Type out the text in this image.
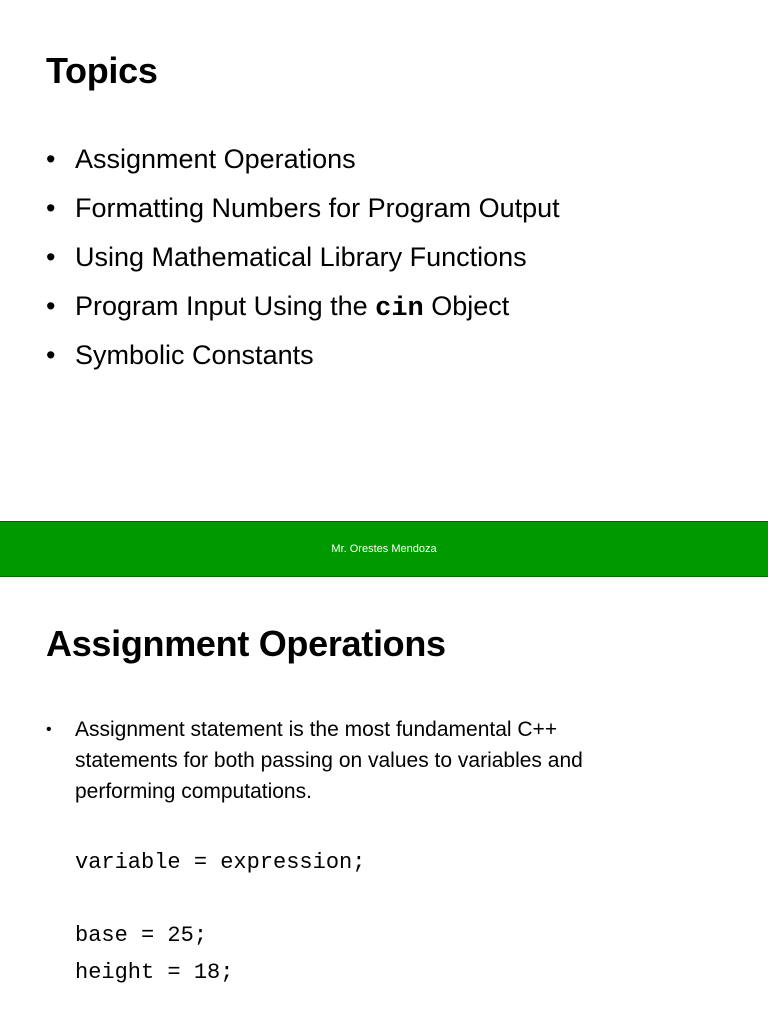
Topics
• Assignment Operations
• Formatting Numbers for Program Output
• Using Mathematical Library Functions
• Program Input Using the cin Object
• Symbolic Constants
Mr. Orestes Mendoza
Assignment Operations
• Assignment statement is the most fundamental C++
statements for both passing on values to variables and
performing computations.
variable = expression;
base = 25;
height = 18;
